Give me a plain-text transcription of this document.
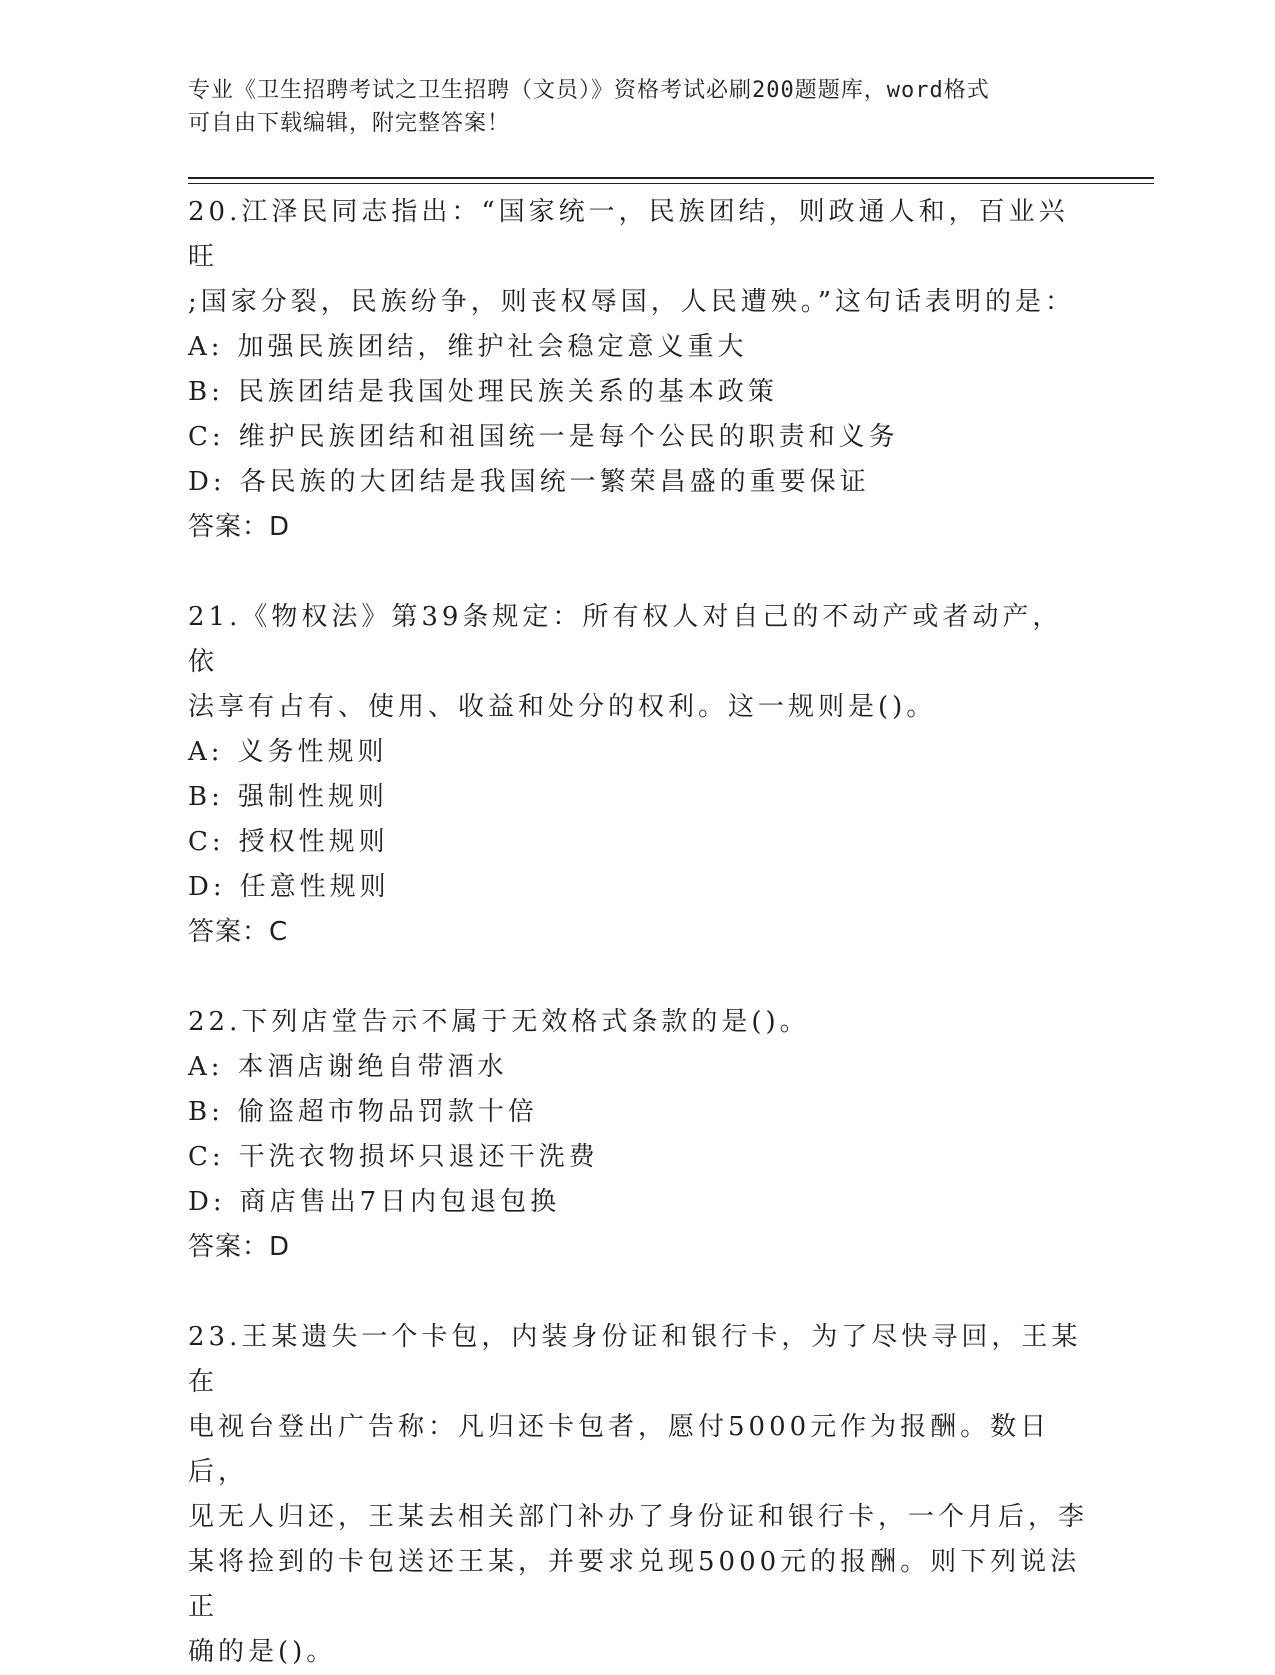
专业《卫生招聘考试之卫生招聘（文员）》资格考试必刷200题题库，word格式
可自由下载编辑，附完整答案！
20.江泽民同志指出：“国家统一，民族团结，则政通人和，百业兴旺
;国家分裂，民族纷争，则丧权辱国，人民遭殃。”这句话表明的是：
A: 加强民族团结，维护社会稳定意义重大
B: 民族团结是我国处理民族关系的基本政策
C: 维护民族团结和祖国统一是每个公民的职责和义务
D: 各民族的大团结是我国统一繁荣昌盛的重要保证
答案：D
21.《物权法》第39条规定：所有权人对自己的不动产或者动产，依
法享有占有、使用、收益和处分的权利。这一规则是()。
A: 义务性规则
B: 强制性规则
C: 授权性规则
D: 任意性规则
答案：C
22.下列店堂告示不属于无效格式条款的是()。
A: 本酒店谢绝自带酒水
B: 偷盗超市物品罚款十倍
C: 干洗衣物损坏只退还干洗费
D: 商店售出7日内包退包换
答案：D
23.王某遗失一个卡包，内装身份证和银行卡，为了尽快寻回，王某在
电视台登出广告称：凡归还卡包者，愿付5000元作为报酬。数日后，
见无人归还，王某去相关部门补办了身份证和银行卡，一个月后，李
某将捡到的卡包送还王某，并要求兑现5000元的报酬。则下列说法正
确的是()。
